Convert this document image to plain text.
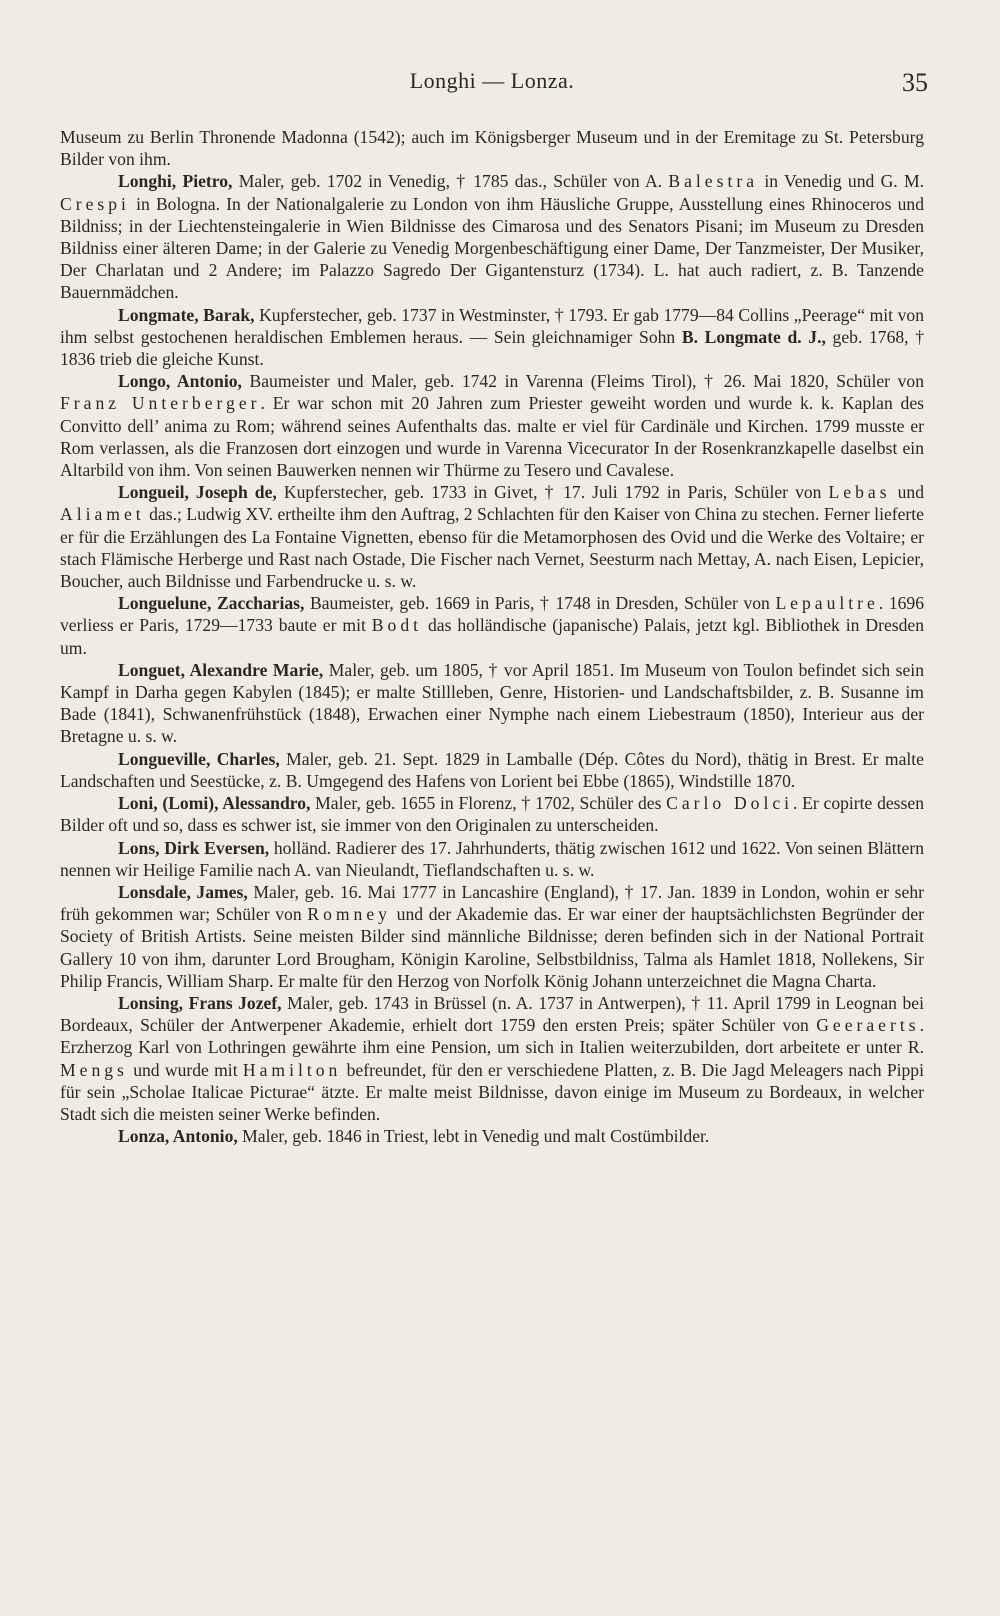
Longhi — Lonza.	35

Museum zu Berlin Thronende Madonna (1542); auch im Königsberger Museum und in der Eremitage zu St. Petersburg Bilder von ihm.

Longhi, Pietro, Maler, geb. 1702 in Venedig, † 1785 das., Schüler von A. Balestra in Venedig und G. M. Crespi in Bologna. In der Nationalgalerie zu London von ihm Häusliche Gruppe, Ausstellung eines Rhinoceros und Bildniss; in der Liechtensteingalerie in Wien Bildnisse des Cimarosa und des Senators Pisani; im Museum zu Dresden Bildniss einer älteren Dame; in der Galerie zu Venedig Morgenbeschäftigung einer Dame, Der Tanzmeister, Der Musiker, Der Charlatan und 2 Andere; im Palazzo Sagredo Der Gigantensturz (1734). L. hat auch radiert, z. B. Tanzende Bauernmädchen.

Longmate, Barak, Kupferstecher, geb. 1737 in Westminster, † 1793. Er gab 1779—84 Collins „Peerage“ mit von ihm selbst gestochenen heraldischen Emblemen heraus. — Sein gleichnamiger Sohn B. Longmate d. J., geb. 1768, † 1836 trieb die gleiche Kunst.

Longo, Antonio, Baumeister und Maler, geb. 1742 in Varenna (Fleims Tirol), † 26. Mai 1820, Schüler von Franz Unterberger. Er war schon mit 20 Jahren zum Priester geweiht worden und wurde k. k. Kaplan des Convitto dell’ anima zu Rom; während seines Aufenthalts das. malte er viel für Cardinäle und Kirchen. 1799 musste er Rom verlassen, als die Franzosen dort einzogen und wurde in Varenna Vicecurator In der Rosenkranzkapelle daselbst ein Altarbild von ihm. Von seinen Bauwerken nennen wir Thürme zu Tesero und Cavalese.

Longueil, Joseph de, Kupferstecher, geb. 1733 in Givet, † 17. Juli 1792 in Paris, Schüler von Lebas und Aliamet das.; Ludwig XV. ertheilte ihm den Auftrag, 2 Schlachten für den Kaiser von China zu stechen. Ferner lieferte er für die Erzählungen des La Fontaine Vignetten, ebenso für die Metamorphosen des Ovid und die Werke des Voltaire; er stach Flämische Herberge und Rast nach Ostade, Die Fischer nach Vernet, Seesturm nach Mettay, A. nach Eisen, Lepicier, Boucher, auch Bildnisse und Farbendrucke u. s. w.

Longuelune, Zaccharias, Baumeister, geb. 1669 in Paris, † 1748 in Dresden, Schüler von Lepaultre. 1696 verliess er Paris, 1729—1733 baute er mit Bodt das holländische (japanische) Palais, jetzt kgl. Bibliothek in Dresden um.

Longuet, Alexandre Marie, Maler, geb. um 1805, † vor April 1851. Im Museum von Toulon befindet sich sein Kampf in Darha gegen Kabylen (1845); er malte Stillleben, Genre, Historien- und Landschaftsbilder, z. B. Susanne im Bade (1841), Schwanenfrühstück (1848), Erwachen einer Nymphe nach einem Liebestraum (1850), Interieur aus der Bretagne u. s. w.

Longueville, Charles, Maler, geb. 21. Sept. 1829 in Lamballe (Dép. Côtes du Nord), thätig in Brest. Er malte Landschaften und Seestücke, z. B. Umgegend des Hafens von Lorient bei Ebbe (1865), Windstille 1870.

Loni, (Lomi), Alessandro, Maler, geb. 1655 in Florenz, † 1702, Schüler des Carlo Dolci. Er copirte dessen Bilder oft und so, dass es schwer ist, sie immer von den Originalen zu unterscheiden.

Lons, Dirk Eversen, holländ. Radierer des 17. Jahrhunderts, thätig zwischen 1612 und 1622. Von seinen Blättern nennen wir Heilige Familie nach A. van Nieulandt, Tieflandschaften u. s. w.

Lonsdale, James, Maler, geb. 16. Mai 1777 in Lancashire (England), † 17. Jan. 1839 in London, wohin er sehr früh gekommen war; Schüler von Romney und der Akademie das. Er war einer der hauptsächlichsten Begründer der Society of British Artists. Seine meisten Bilder sind männliche Bildnisse; deren befinden sich in der National Portrait Gallery 10 von ihm, darunter Lord Brougham, Königin Karoline, Selbstbildniss, Talma als Hamlet 1818, Nollekens, Sir Philip Francis, William Sharp. Er malte für den Herzog von Norfolk König Johann unterzeichnet die Magna Charta.

Lonsing, Frans Jozef, Maler, geb. 1743 in Brüssel (n. A. 1737 in Antwerpen), † 11. April 1799 in Leognan bei Bordeaux, Schüler der Antwerpener Akademie, erhielt dort 1759 den ersten Preis; später Schüler von Geeraerts. Erzherzog Karl von Lothringen gewährte ihm eine Pension, um sich in Italien weiterzubilden, dort arbeitete er unter R. Mengs und wurde mit Hamilton befreundet, für den er verschiedene Platten, z. B. Die Jagd Meleagers nach Pippi für sein „Scholae Italicae Picturae“ ätzte. Er malte meist Bildnisse, davon einige im Museum zu Bordeaux, in welcher Stadt sich die meisten seiner Werke befinden.

Lonza, Antonio, Maler, geb. 1846 in Triest, lebt in Venedig und malt Costümbilder.
